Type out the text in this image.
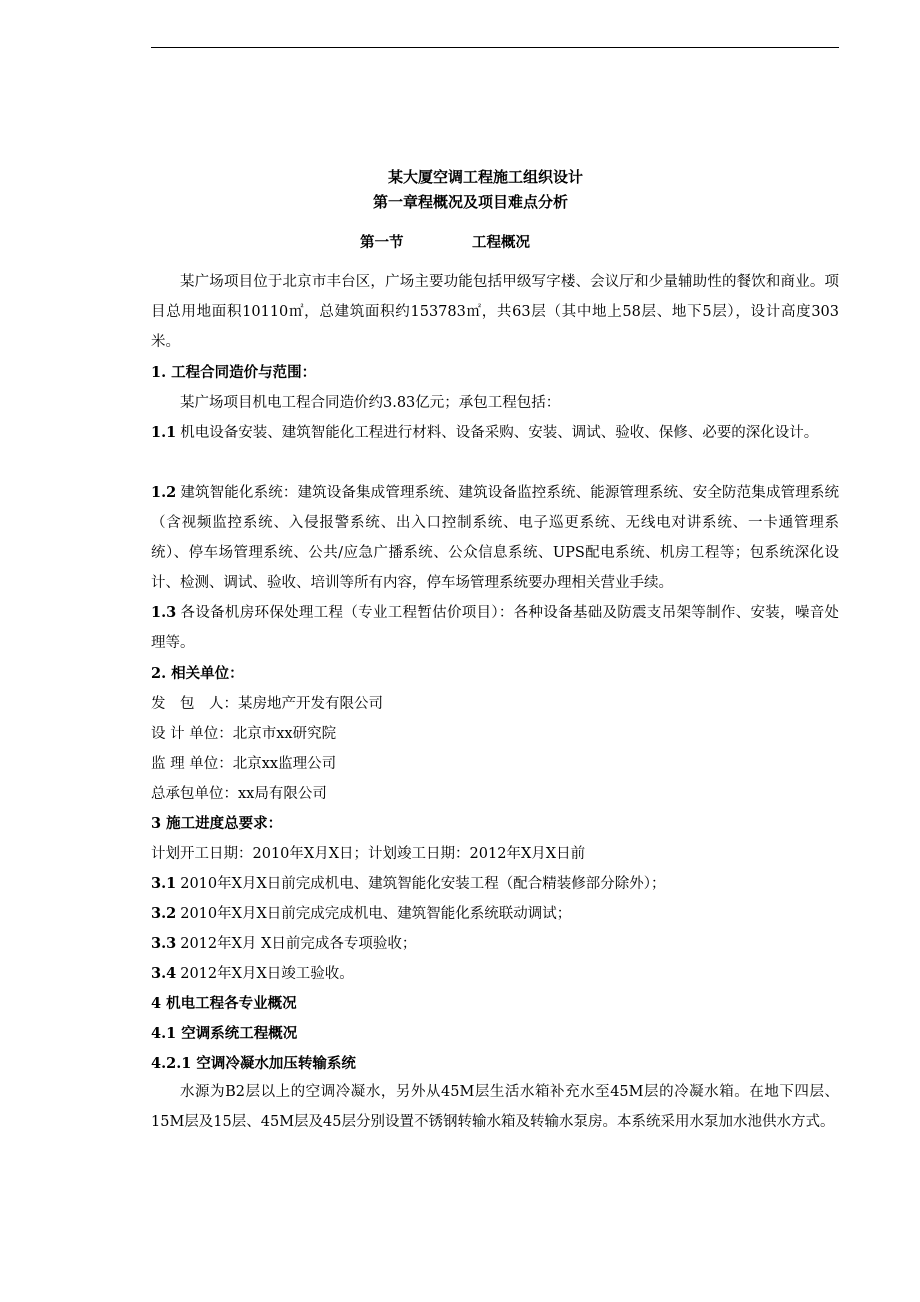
某大厦空调工程施工组织设计
第一章程概况及项目难点分析
第一节	工程概况
某广场项目位于北京市丰台区，广场主要功能包括甲级写字楼、会议厅和少量辅助性的餐饮和商业。项目总用地面积10110㎡，总建筑面积约153783㎡，共63层（其中地上58层、地下5层），设计高度303米。
1. 工程合同造价与范围：
某广场项目机电工程合同造价约3.83亿元；承包工程包括：
1.1 机电设备安装、建筑智能化工程进行材料、设备采购、安装、调试、验收、保修、必要的深化设计。
1.2 建筑智能化系统：建筑设备集成管理系统、建筑设备监控系统、能源管理系统、安全防范集成管理系统（含视频监控系统、入侵报警系统、出入口控制系统、电子巡更系统、无线电对讲系统、一卡通管理系统）、停车场管理系统、公共/应急广播系统、公众信息系统、UPS配电系统、机房工程等；包系统深化设计、检测、调试、验收、培训等所有内容，停车场管理系统要办理相关营业手续。
1.3 各设备机房环保处理工程（专业工程暂估价项目）：各种设备基础及防震支吊架等制作、安装，噪音处理等。
2. 相关单位：
发　包　人：某房地产开发有限公司
设 计 单位：北京市xx研究院
监 理 单位：北京xx监理公司
总承包单位：xx局有限公司
3 施工进度总要求：
计划开工日期：2010年X月X日；计划竣工日期：2012年X月X日前
3.1 2010年X月X日前完成机电、建筑智能化安装工程（配合精装修部分除外）；
3.2 2010年X月X日前完成完成机电、建筑智能化系统联动调试；
3.3 2012年X月 X日前完成各专项验收；
3.4 2012年X月X日竣工验收。
4 机电工程各专业概况
4.1 空调系统工程概况
4.2.1 空调冷凝水加压转输系统
水源为B2层以上的空调冷凝水，另外从45M层生活水箱补充水至45M层的冷凝水箱。在地下四层、15M层及15层、45M层及45层分别设置不锈钢转输水箱及转输水泵房。本系统采用水泵加水池供水方式。
